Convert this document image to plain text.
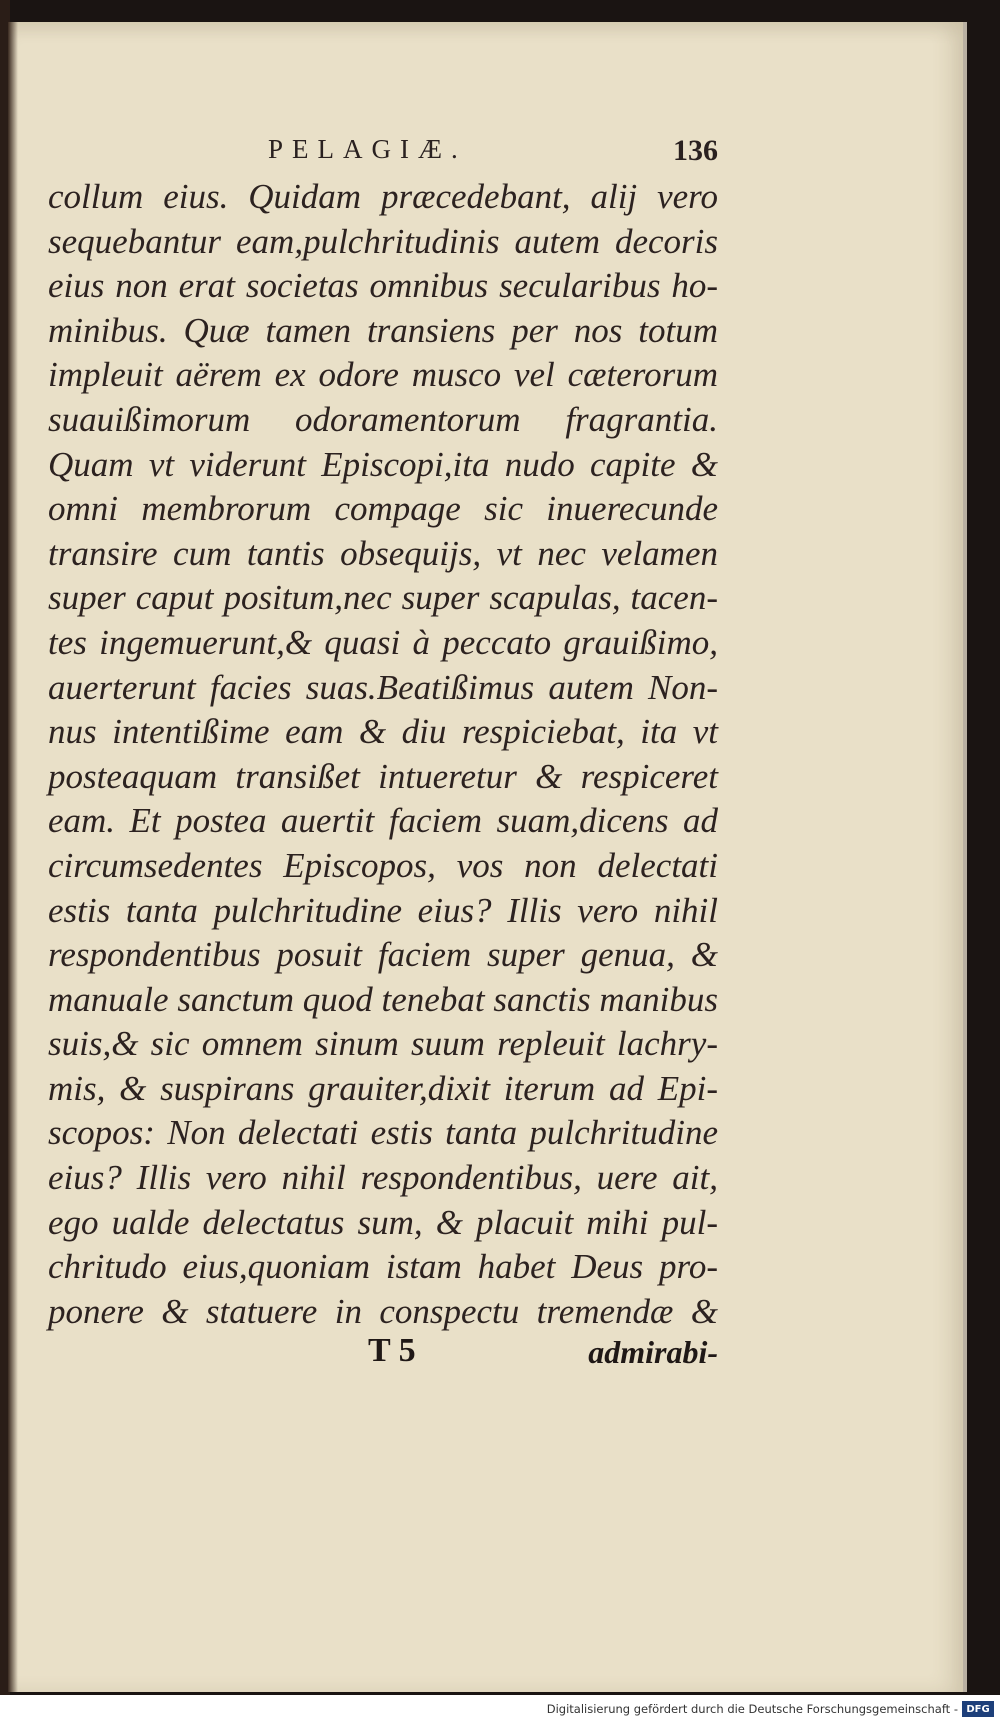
PELAGIÆ.	136
collum eius. Quidam præcedebant, alij vero
sequebantur eam,pulchritudinis autem decoris
eius non erat societas omnibus secularibus ho-
minibus. Quæ tamen transiens per nos totum
impleuit aërem ex odore musco vel cæterorum
suauißimorum odoramentorum fragrantia.
Quam vt viderunt Episcopi,ita nudo capite &
omni membrorum compage sic inuerecunde
transire cum tantis obsequijs, vt nec velamen
super caput positum,nec super scapulas, tacen-
tes ingemuerunt,& quasi à peccato grauißimo,
auerterunt facies suas.Beatißimus autem Non-
nus intentißime eam & diu respiciebat, ita vt
posteaquam transißet intueretur & respiceret
eam. Et postea auertit faciem suam,dicens ad
circumsedentes Episcopos, vos non delectati
estis tanta pulchritudine eius? Illis vero nihil
respondentibus posuit faciem super genua, &
manuale sanctum quod tenebat sanctis manibus
suis,& sic omnem sinum suum repleuit lachry-
mis, & suspirans grauiter,dixit iterum ad Epi-
scopos: Non delectati estis tanta pulchritudine
eius? Illis vero nihil respondentibus, uere ait,
ego ualde delectatus sum, & placuit mihi pul-
chritudo eius,quoniam istam habet Deus pro-
ponere & statuere in conspectu tremendæ &
T 5	admirabi-
Digitalisierung gefördert durch die Deutsche Forschungsgemeinschaft - DFG
